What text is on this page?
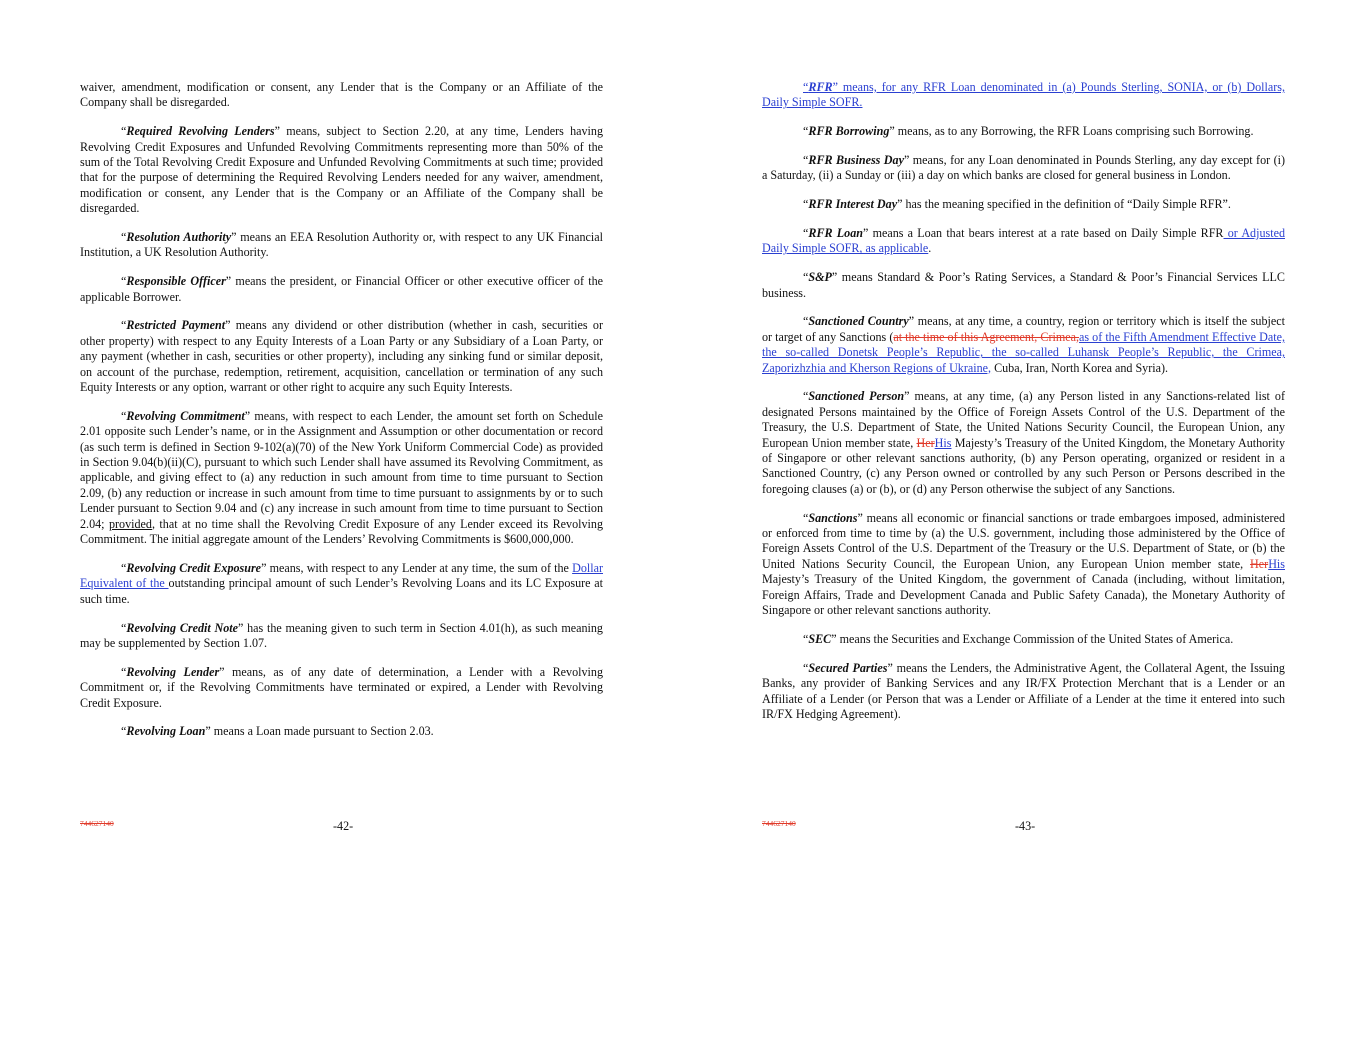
waiver, amendment, modification or consent, any Lender that is the Company or an Affiliate of the Company shall be disregarded.

“Required Revolving Lenders” means, subject to Section 2.20, at any time, Lenders having Revolving Credit Exposures and Unfunded Revolving Commitments representing more than 50% of the sum of the Total Revolving Credit Exposure and Unfunded Revolving Commitments at such time; provided that for the purpose of determining the Required Revolving Lenders needed for any waiver, amendment, modification or consent, any Lender that is the Company or an Affiliate of the Company shall be disregarded.

“Resolution Authority” means an EEA Resolution Authority or, with respect to any UK Financial Institution, a UK Resolution Authority.

“Responsible Officer” means the president, or Financial Officer or other executive officer of the applicable Borrower.

“Restricted Payment” means any dividend or other distribution (whether in cash, securities or other property) with respect to any Equity Interests of a Loan Party or any Subsidiary of a Loan Party, or any payment (whether in cash, securities or other property), including any sinking fund or similar deposit, on account of the purchase, redemption, retirement, acquisition, cancellation or termination of any such Equity Interests or any option, warrant or other right to acquire any such Equity Interests.

“Revolving Commitment” means, with respect to each Lender, the amount set forth on Schedule 2.01 opposite such Lender’s name, or in the Assignment and Assumption or other documentation or record (as such term is defined in Section 9-102(a)(70) of the New York Uniform Commercial Code) as provided in Section 9.04(b)(ii)(C), pursuant to which such Lender shall have assumed its Revolving Commitment, as applicable, and giving effect to (a) any reduction in such amount from time to time pursuant to Section 2.09, (b) any reduction or increase in such amount from time to time pursuant to assignments by or to such Lender pursuant to Section 9.04 and (c) any increase in such amount from time to time pursuant to Section 2.04; provided, that at no time shall the Revolving Credit Exposure of any Lender exceed its Revolving Commitment. The initial aggregate amount of the Lenders’ Revolving Commitments is $600,000,000.

“Revolving Credit Exposure” means, with respect to any Lender at any time, the sum of the Dollar Equivalent of the outstanding principal amount of such Lender’s Revolving Loans and its LC Exposure at such time.

“Revolving Credit Note” has the meaning given to such term in Section 4.01(h), as such meaning may be supplemented by Section 1.07.

“Revolving Lender” means, as of any date of determination, a Lender with a Revolving Commitment or, if the Revolving Commitments have terminated or expired, a Lender with Revolving Credit Exposure.

“Revolving Loan” means a Loan made pursuant to Section 2.03.

744627140	-42-

“RFR” means, for any RFR Loan denominated in (a) Pounds Sterling, SONIA, or (b) Dollars, Daily Simple SOFR.

“RFR Borrowing” means, as to any Borrowing, the RFR Loans comprising such Borrowing.

“RFR Business Day” means, for any Loan denominated in Pounds Sterling, any day except for (i) a Saturday, (ii) a Sunday or (iii) a day on which banks are closed for general business in London.

“RFR Interest Day” has the meaning specified in the definition of “Daily Simple RFR”.

“RFR Loan” means a Loan that bears interest at a rate based on Daily Simple RFR or Adjusted Daily Simple SOFR, as applicable.

“S&P” means Standard & Poor’s Rating Services, a Standard & Poor’s Financial Services LLC business.

“Sanctioned Country” means, at any time, a country, region or territory which is itself the subject or target of any Sanctions (at the time of this Agreement, Crimea,as of the Fifth Amendment Effective Date, the so-called Donetsk People’s Republic, the so-called Luhansk People’s Republic, the Crimea, Zaporizhzhia and Kherson Regions of Ukraine, Cuba, Iran, North Korea and Syria).

“Sanctioned Person” means, at any time, (a) any Person listed in any Sanctions-related list of designated Persons maintained by the Office of Foreign Assets Control of the U.S. Department of the Treasury, the U.S. Department of State, the United Nations Security Council, the European Union, any European Union member state, HerHis Majesty’s Treasury of the United Kingdom, the Monetary Authority of Singapore or other relevant sanctions authority, (b) any Person operating, organized or resident in a Sanctioned Country, (c) any Person owned or controlled by any such Person or Persons described in the foregoing clauses (a) or (b), or (d) any Person otherwise the subject of any Sanctions.

“Sanctions” means all economic or financial sanctions or trade embargoes imposed, administered or enforced from time to time by (a) the U.S. government, including those administered by the Office of Foreign Assets Control of the U.S. Department of the Treasury or the U.S. Department of State, or (b) the United Nations Security Council, the European Union, any European Union member state, HerHis Majesty’s Treasury of the United Kingdom, the government of Canada (including, without limitation, Foreign Affairs, Trade and Development Canada and Public Safety Canada), the Monetary Authority of Singapore or other relevant sanctions authority.

“SEC” means the Securities and Exchange Commission of the United States of America.

“Secured Parties” means the Lenders, the Administrative Agent, the Collateral Agent, the Issuing Banks, any provider of Banking Services and any IR/FX Protection Merchant that is a Lender or an Affiliate of a Lender (or Person that was a Lender or Affiliate of a Lender at the time it entered into such IR/FX Hedging Agreement).

744627140	-43-
